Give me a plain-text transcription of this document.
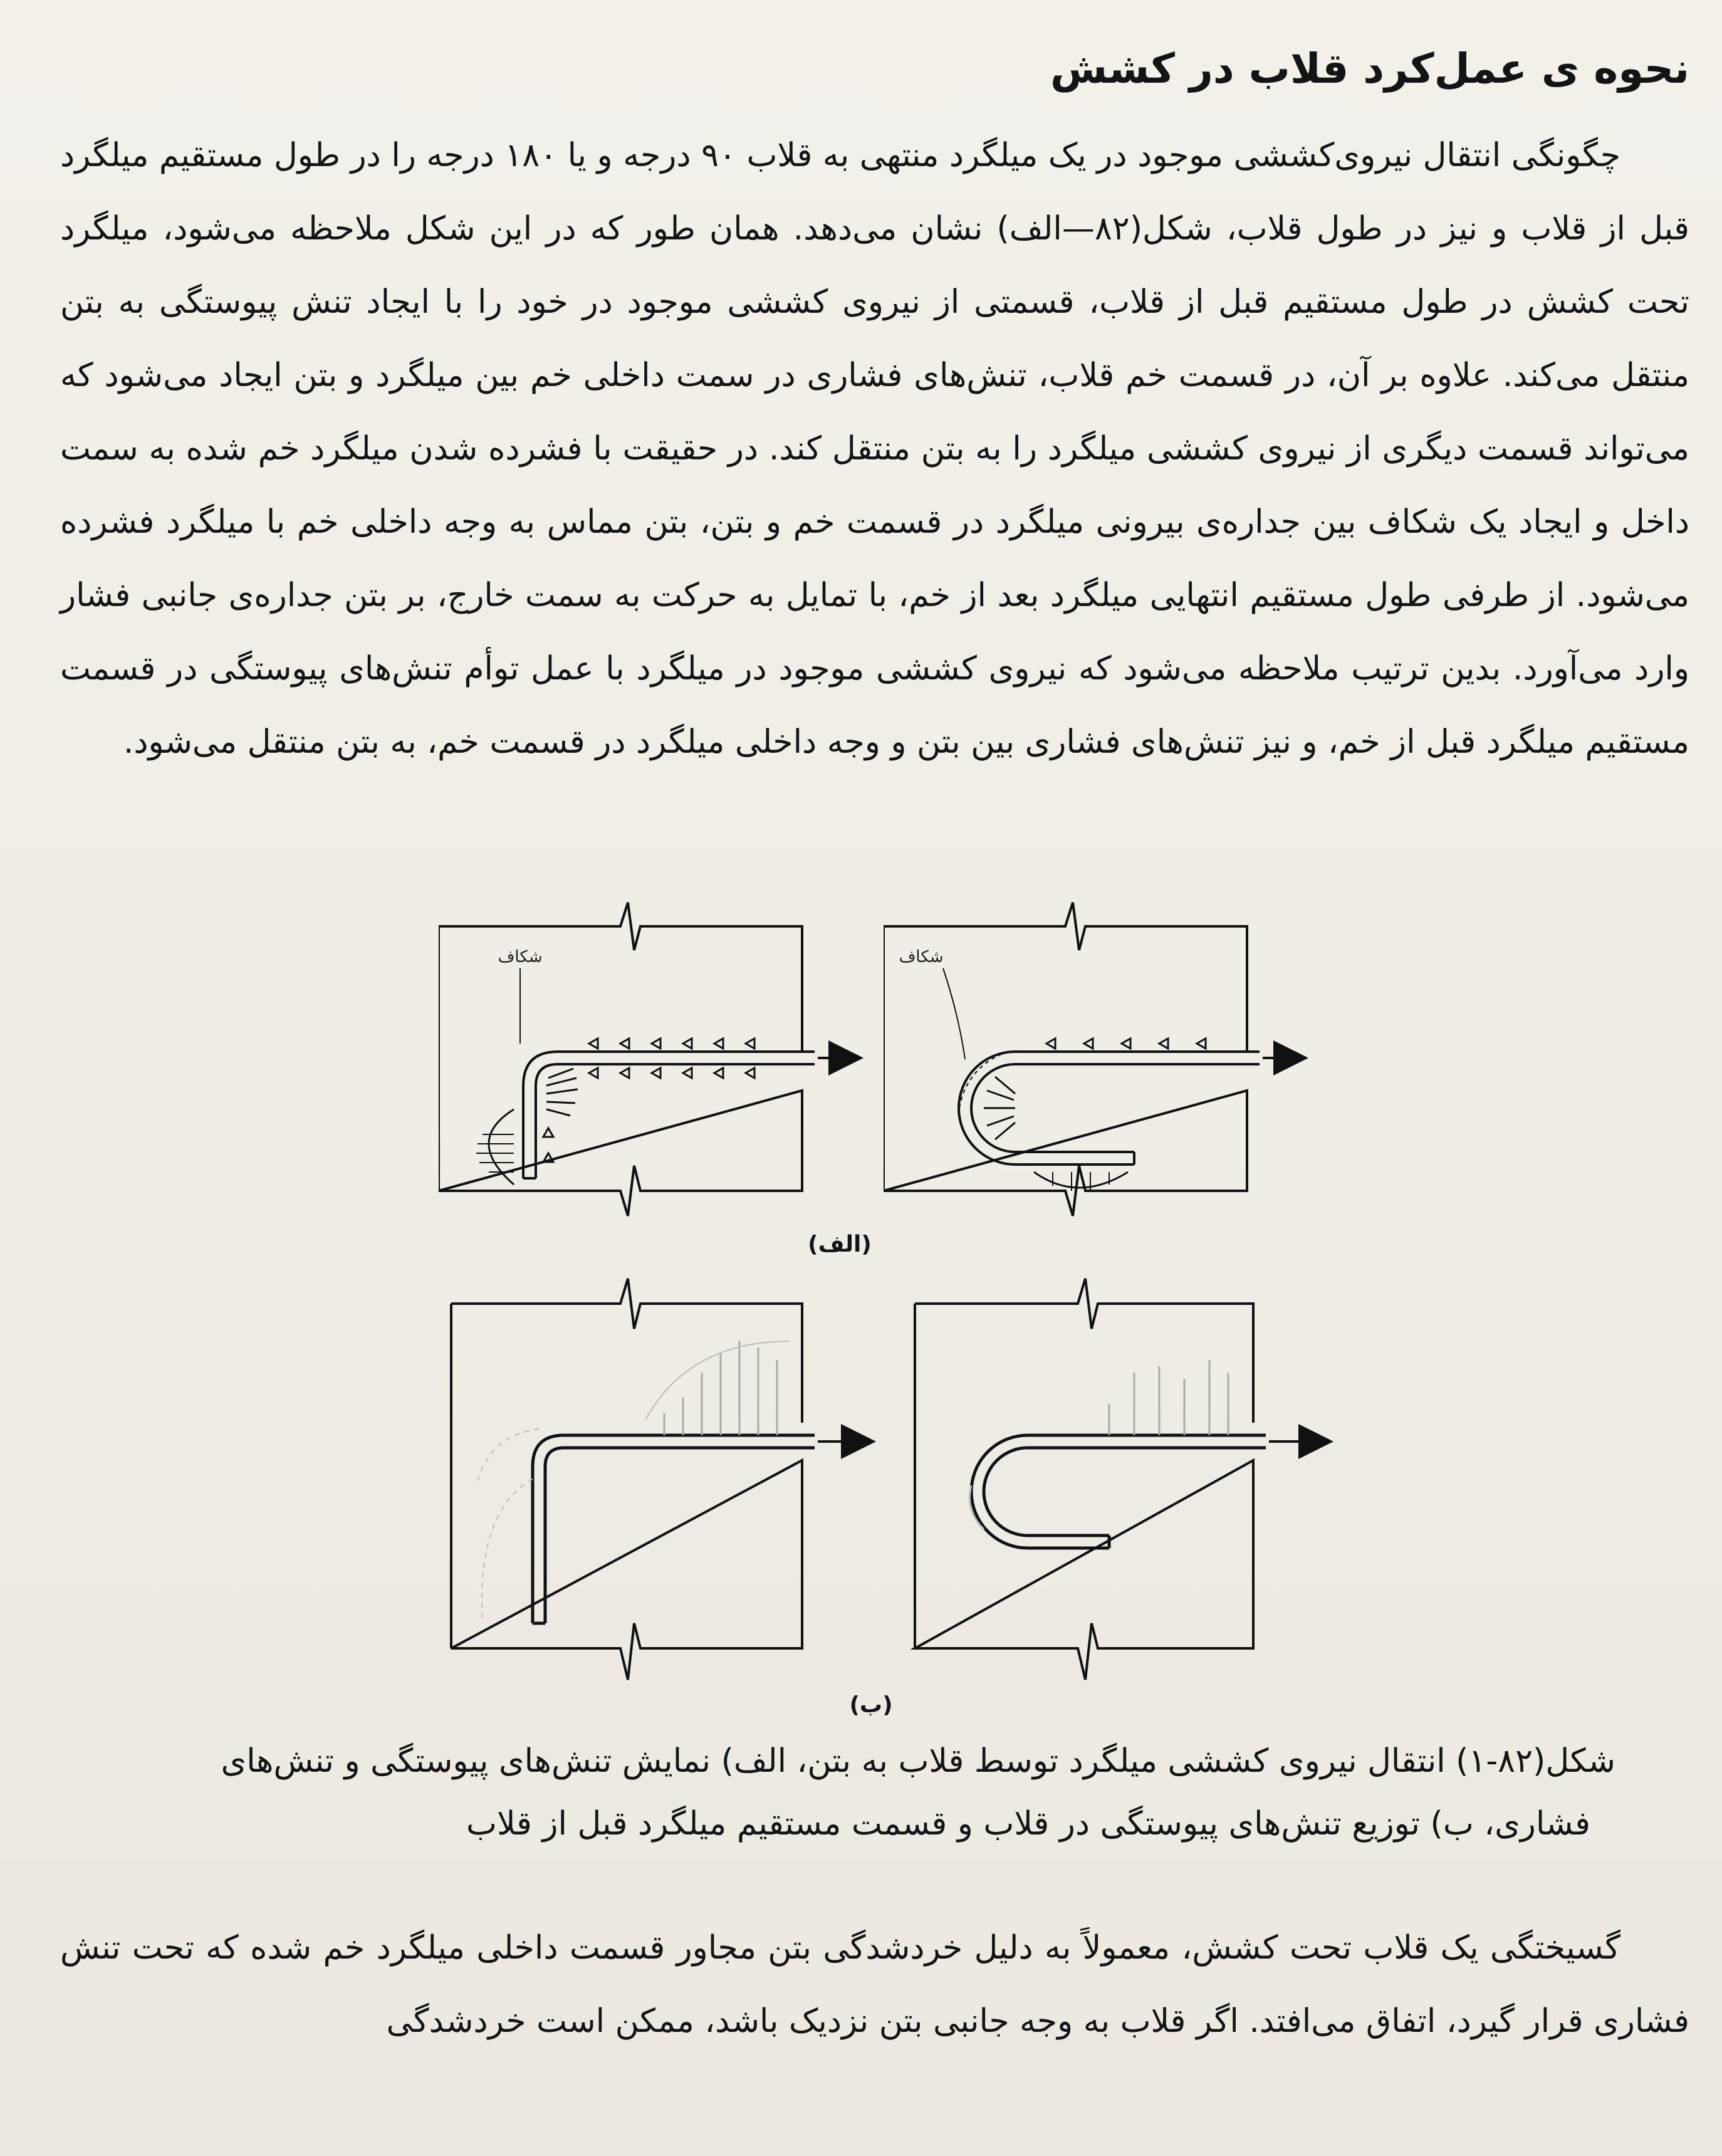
نحوه ی عمل‌کرد قلاب در کشش

چگونگی انتقال نیروی‌کششی موجود در یک میلگرد منتهی به قلاب ۹۰ درجه و یا ۱۸۰ درجه را در طول مستقیم میلگرد قبل از قلاب و نیز در طول قلاب، شکل(۸۲—الف) نشان می‌دهد. همان طور که در این شکل ملاحظه می‌شود، میلگرد تحت کشش در طول مستقیم قبل از قلاب، قسمتی از نیروی کششی موجود در خود را با ایجاد تنش پیوستگی به بتن منتقل می‌کند. علاوه بر آن، در قسمت خم قلاب، تنش‌های فشاری در سمت داخلی خم بین میلگرد و بتن ایجاد می‌شود که می‌تواند قسمت دیگری از نیروی کششی میلگرد را به بتن منتقل کند. در حقیقت با فشرده شدن میلگرد خم شده به سمت داخل و ایجاد یک شکاف بین جداره‌ی بیرونی میلگرد در قسمت خم و بتن، بتن مماس به وجه داخلی خم با میلگرد فشرده می‌شود. از طرفی طول مستقیم انتهایی میلگرد بعد از خم، با تمایل به حرکت به سمت خارج، بر بتن جداره‌ی جانبی فشار وارد می‌آورد. بدین ترتیب ملاحظه می‌شود که نیروی کششی موجود در میلگرد با عمل توأم تنش‌های پیوستگی در قسمت مستقیم میلگرد قبل از خم، و نیز تنش‌های فشاری بین بتن و وجه داخلی میلگرد در قسمت خم، به بتن منتقل می‌شود.

شکاف	شکاف
(الف)
(ب)

شکل(۸۲-۱) انتقال نیروی کششی میلگرد توسط قلاب به بتن، الف) نمایش تنش‌های پیوستگی و تنش‌های

فشاری، ب) توزیع تنش‌های پیوستگی در قلاب و قسمت مستقیم میلگرد قبل از قلاب

گسیختگی یک قلاب تحت کشش، معمولاً به دلیل خردشدگی بتن مجاور قسمت داخلی میلگرد خم شده که تحت تنش فشاری قرار گیرد، اتفاق می‌افتد. اگر قلاب به وجه جانبی بتن نزدیک باشد، ممکن است خردشدگی
